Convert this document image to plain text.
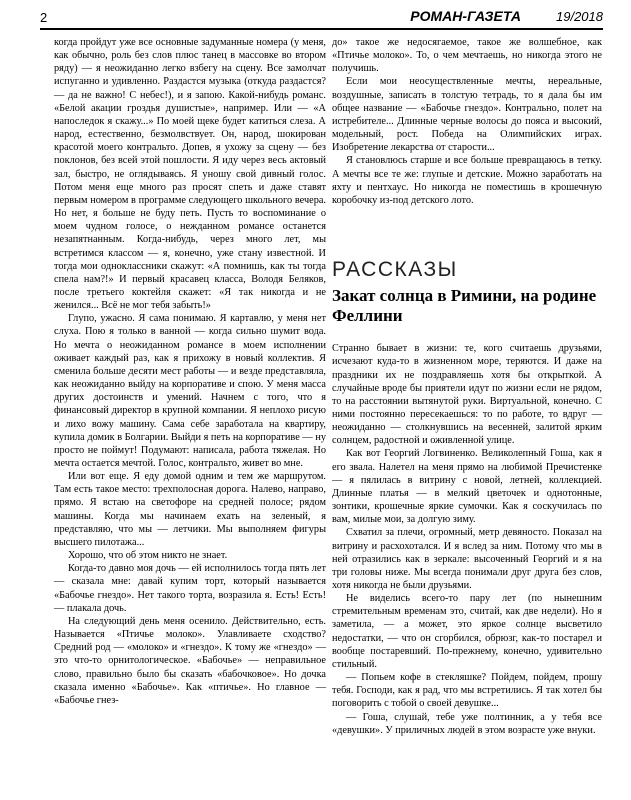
2	РОМАН-ГАЗЕТА	19/2018

когда пройдут уже все основные задуманные номера (у меня, как обычно, роль без слов плюс танец в массовке во втором ряду) — я неожиданно легко взбегу на сцену. Все замолчат испуганно и удивленно. Раздастся музыка (откуда раздастся? — да не важно! С небес!), и я запою. Какой-нибудь романс. «Белой акации гроздья душистые», например. Или — «А напоследок я скажу...» По моей щеке будет катиться слеза. А народ, естественно, безмолвствует. Он, народ, шокирован красотой моего контральто. Допев, я ухожу за сцену — без поклонов, без всей этой пошлости. Я иду через весь актовый зал, быстро, не оглядываясь. Я уношу свой дивный голос. Потом меня еще много раз просят спеть и даже ставят первым номером в программе следующего школьного вечера. Но нет, я больше не буду петь. Пусть то воспоминание о моем чудном голосе, о нежданном романсе останется незапятнанным. Когда-нибудь, через много лет, мы встретимся классом — я, конечно, уже стану известной. И тогда мои одноклассники скажут: «А помнишь, как ты тогда спела нам?!» И первый красавец класса, Володя Беляков, после третьего коктейля скажет: «Я так никогда и не женился... Всё не мог тебя забыть!»

Глупо, ужасно. Я сама понимаю. Я картавлю, у меня нет слуха. Пою я только в ванной — когда сильно шумит вода. Но мечта о неожиданном романсе в моем исполнении оживает каждый раз, как я прихожу в новый коллектив. Я сменила больше десяти мест работы — и везде представляла, как неожиданно выйду на корпоративе и спою. У меня масса других достоинств и умений. Начнем с того, что я финансовый директор в крупной компании. Я неплохо рисую и лихо вожу машину. Сама себе заработала на квартиру, купила домик в Болгарии. Выйди я петь на корпоративе — ну просто не поймут! Подумают: написала, работа тяжелая. Но мечта остается мечтой. Голос, контральто, живет во мне.

Или вот еще. Я еду домой одним и тем же маршрутом. Там есть такое место: трехполосная дорога. Налево, направо, прямо. Я встаю на светофоре на средней полосе; рядом машины. Когда мы начинаем ехать на зеленый, я представляю, что мы — летчики. Мы выполняем фигуры высшего пилотажа...

Хорошо, что об этом никто не знает.

Когда-то давно моя дочь — ей исполнилось тогда пять лет — сказала мне: давай купим торт, который называется «Бабочье гнездо». Нет такого торта, возразила я. Есть! Есть! — плакала дочь.

На следующий день меня осенило. Действительно, есть. Называется «Птичье молоко». Улавливаете сходство? Средний род — «молоко» и «гнездо». К тому же «гнездо» — это что-то орнитологическое. «Бабочье» — неправильное слово, правильно было бы сказать «бабочковое». Но дочка сказала именно «Бабочье». Как «птичье». Но главное — «Бабочье гнез-

до» такое же недосягаемое, такое же волшебное, как «Птичье молоко». То, о чем мечтаешь, но никогда этого не получишь.

Если мои неосуществленные мечты, нереальные, воздушные, записать в толстую тетрадь, то я дала бы им общее название — «Бабочье гнездо». Контрально, полет на истребителе... Длинные черные волосы до пояса и высокий, модельный, рост. Победа на Олимпийских играх. Изобретение лекарства от старости...

Я становлюсь старше и все больше превращаюсь в тетку. А мечты все те же: глупые и детские. Можно заработать на яхту и пентхаус. Но никогда не поместишь в крошечную коробочку из-под детского лото.

РАССКАЗЫ
Закат солнца в Римини, на родине Феллини

Странно бывает в жизни: те, кого считаешь друзьями, исчезают куда-то в жизненном море, теряются. И даже на праздники их не поздравляешь хотя бы открыткой. А случайные вроде бы приятели идут по жизни если не рядом, то на расстоянии вытянутой руки. Виртуальной, конечно. С ними постоянно пересекаешься: то по работе, то вдруг — неожиданно — столкнувшись на весенней, залитой ярким солнцем, радостной и оживленной улице.

Как вот Георгий Логвиненко. Великолепный Гоша, как я его звала. Налетел на меня прямо на любимой Пречистенке — я пялилась в витрину с новой, летней, коллекцией. Длинные платья — в мелкий цветочек и однотонные, зонтики, крошечные яркие сумочки. Как я соскучилась по вам, милые мои, за долгую зиму.

Схватил за плечи, огромный, метр девяносто. Показал на витрину и расхохотался. И я вслед за ним. Потому что мы в ней отразились как в зеркале: высоченный Георгий и я на три головы ниже. Мы всегда понимали друг друга без слов, хотя никогда не были друзьями.

Не виделись всего-то пару лет (по нынешним стремительным временам это, считай, как две недели). Но я заметила, — а может, это яркое солнце высветило недостатки, — что он сгорбился, обрюзг, как-то постарел и вообще постаревший. По-прежнему, конечно, удивительно стильный.

— Попьем кофе в стекляшке? Пойдем, пойдем, прошу тебя. Господи, как я рад, что мы встретились. Я так хотел бы поговорить с тобой о своей девушке...

— Гоша, слушай, тебе уже полтинник, а у тебя все «девушки». У приличных людей в этом возрасте уже внуки.
